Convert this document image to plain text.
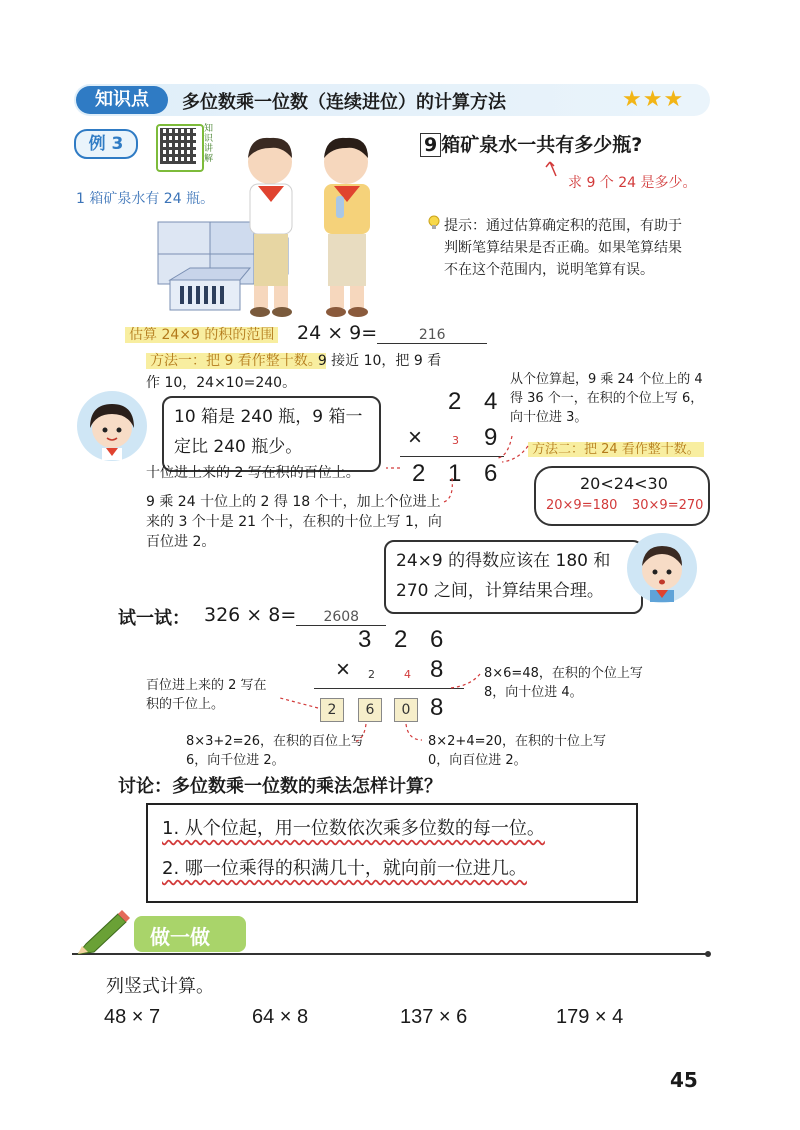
知识点	多位数乘一位数（连续进位）的计算方法	★★★
例 3
知识讲解
1 箱矿泉水有 24 瓶。
9 箱矿泉水一共有多少瓶?
求 9 个 24 是多少。
提示：通过估算确定积的范围，有助于判断笔算结果是否正确。如果笔算结果不在这个范围内，说明笔算有误。
估算 24×9 的积的范围 24 × 9=	216
方法一：把 9 看作整十数。
9 接近 10，把 9 看作 10，24×10=240。
10 箱是 240 瓶，9 箱一定比 240 瓶少。
从个位算起，9 乘 24 个位上的 4 得 36 个一，在积的个位上写 6，向十位进 3。
2 4
×	3 9
2 1 6
方法二：把 24 看作整十数。
20<24<30
20×9=180 30×9=270
十位进上来的 2 写在积的百位上。
9 乘 24 十位上的 2 得 18 个十，加上个位进上来的 3 个十是 21 个十，在积的十位上写 1，向百位进 2。
24×9 的得数应该在 180 和 270 之间，计算结果合理。
试一试： 326 × 8= 2608
3 2 6
× 2	4 8
2	6	0 8
8×6=48，在积的个位上写 8，向十位进 4。
百位进上来的 2 写在积的千位上。
8×3+2=26，在积的百位上写 6，向千位进 2。
8×2+4=20，在积的十位上写 0，向百位进 2。
讨论：多位数乘一位数的乘法怎样计算？
1. 从个位起，用一位数依次乘多位数的每一位。
2. 哪一位乘得的积满几十，就向前一位进几。
做一做
列竖式计算。
48 × 7	64 × 8	137 × 6	179 × 4
45
